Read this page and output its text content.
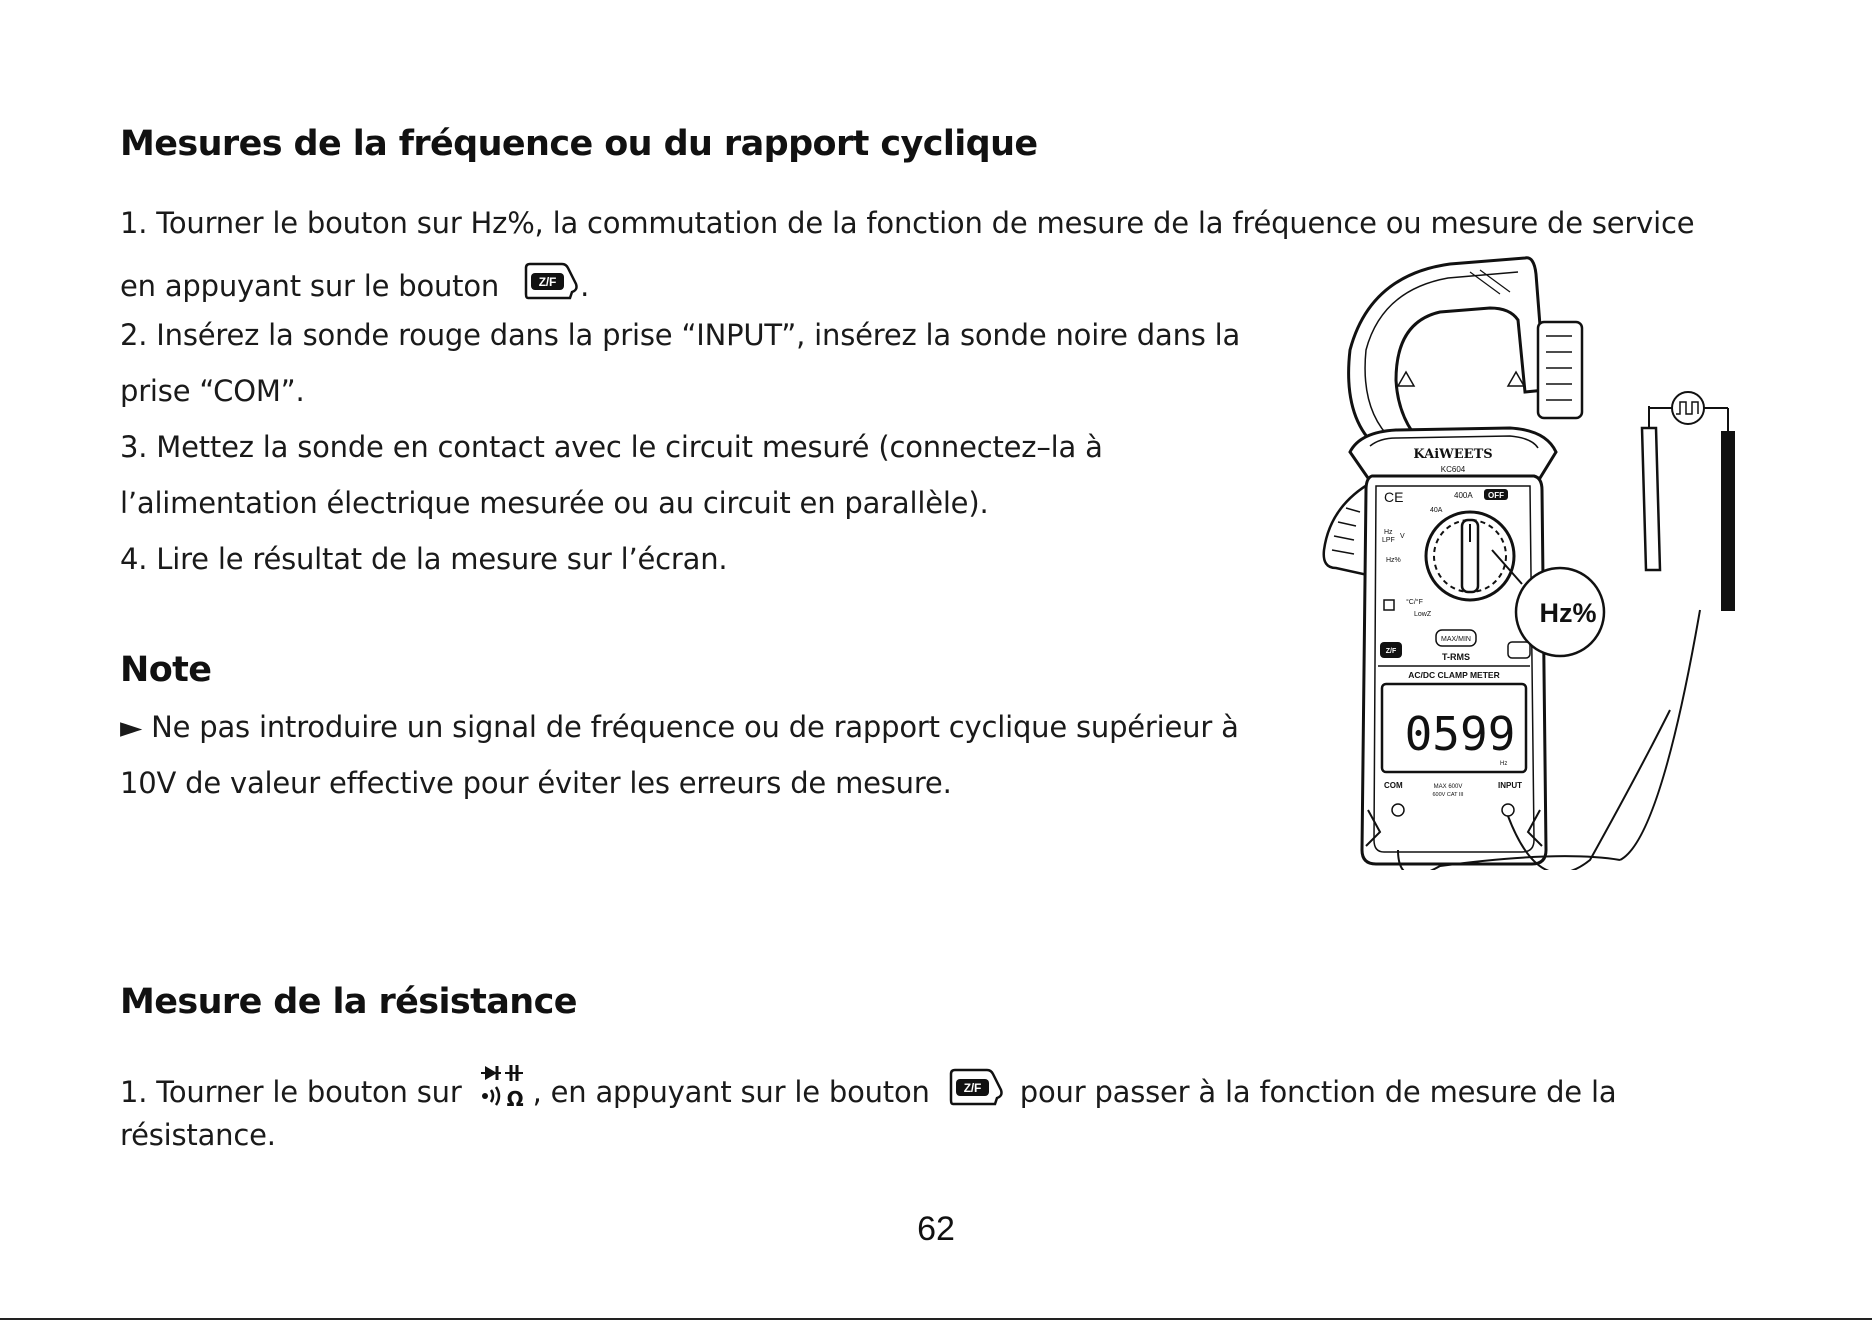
Mesures de la fréquence ou du rapport cyclique
1. Tourner le bouton sur Hz%, la commutation de la fonction de mesure de la fréquence ou mesure de service
en appuyant sur le bouton	Z/F .
2. Insérez la sonde rouge dans la prise “INPUT”, insérez la sonde noire dans la
prise “COM”.
3. Mettez la sonde en contact avec le circuit mesuré (connectez–la à
l’alimentation électrique mesurée ou au circuit en parallèle).
4. Lire le résultat de la mesure sur l’écran.
Note
► Ne pas introduire un signal de fréquence ou de rapport cyclique supérieur à
10V de valeur effective pour éviter les erreurs de mesure.
Mesure de la résistance
1. Tourner le bouton sur Ω , en appuyant sur le bouton	Z/F pour passer à la fonction de mesure de la
résistance.
KAiWEETS
KC604
CE	400A
40A
OFF
Hz
LPF
V
Hz%
°C/°F
LowZ	Hz%
Z/F
MAX/MIN
T-RMS
AC/DC CLAMP METER
0599
Hz
COM	MAX 600V
600V CAT III
INPUT
62
